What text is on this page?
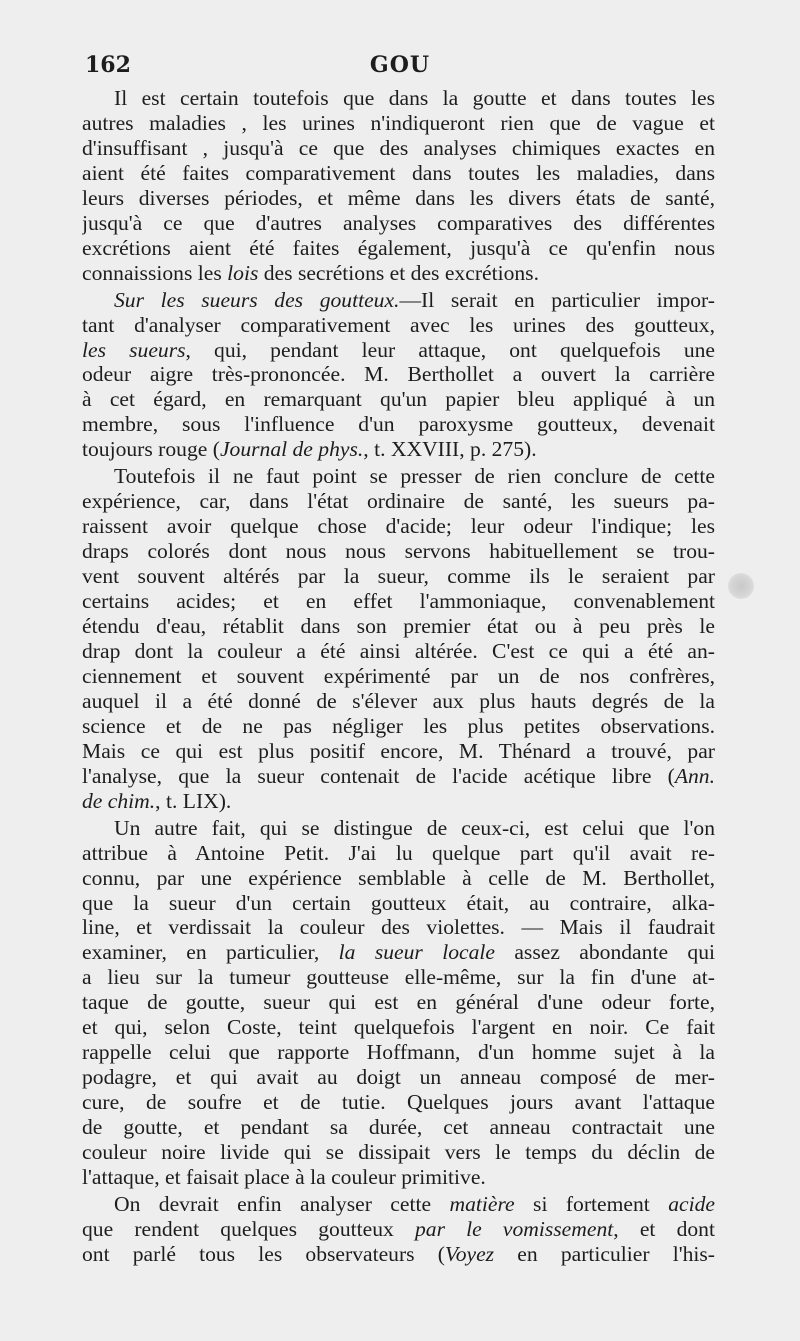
162	GOU
Il est certain toutefois que dans la goutte et dans toutes les
autres maladies , les urines n'indiqueront rien que de vague et
d'insuffisant , jusqu'à ce que des analyses chimiques exactes en
aient été faites comparativement dans toutes les maladies, dans
leurs diverses périodes, et même dans les divers états de santé,
jusqu'à ce que d'autres analyses comparatives des différentes
excrétions aient été faites également, jusqu'à ce qu'enfin nous
connaissions les lois des secrétions et des excrétions.
Sur les sueurs des goutteux.—Il serait en particulier impor-
tant d'analyser comparativement avec les urines des goutteux,
les sueurs, qui, pendant leur attaque, ont quelquefois une
odeur aigre très-prononcée. M. Berthollet a ouvert la carrière
à cet égard, en remarquant qu'un papier bleu appliqué à un
membre, sous l'influence d'un paroxysme goutteux, devenait
toujours rouge (Journal de phys., t. XXVIII, p. 275).
Toutefois il ne faut point se presser de rien conclure de cette
expérience, car, dans l'état ordinaire de santé, les sueurs pa-
raissent avoir quelque chose d'acide; leur odeur l'indique; les
draps colorés dont nous nous servons habituellement se trou-
vent souvent altérés par la sueur, comme ils le seraient par
certains acides; et en effet l'ammoniaque, convenablement
étendu d'eau, rétablit dans son premier état ou à peu près le
drap dont la couleur a été ainsi altérée. C'est ce qui a été an-
ciennement et souvent expérimenté par un de nos confrères,
auquel il a été donné de s'élever aux plus hauts degrés de la
science et de ne pas négliger les plus petites observations.
Mais ce qui est plus positif encore, M. Thénard a trouvé, par
l'analyse, que la sueur contenait de l'acide acétique libre (Ann.
de chim., t. LIX).
Un autre fait, qui se distingue de ceux-ci, est celui que l'on
attribue à Antoine Petit. J'ai lu quelque part qu'il avait re-
connu, par une expérience semblable à celle de M. Berthollet,
que la sueur d'un certain goutteux était, au contraire, alka-
line, et verdissait la couleur des violettes. — Mais il faudrait
examiner, en particulier, la sueur locale assez abondante qui
a lieu sur la tumeur goutteuse elle-même, sur la fin d'une at-
taque de goutte, sueur qui est en général d'une odeur forte,
et qui, selon Coste, teint quelquefois l'argent en noir. Ce fait
rappelle celui que rapporte Hoffmann, d'un homme sujet à la
podagre, et qui avait au doigt un anneau composé de mer-
cure, de soufre et de tutie. Quelques jours avant l'attaque
de goutte, et pendant sa durée, cet anneau contractait une
couleur noire livide qui se dissipait vers le temps du déclin de
l'attaque, et faisait place à la couleur primitive.
On devrait enfin analyser cette matière si fortement acide
que rendent quelques goutteux par le vomissement, et dont
ont parlé tous les observateurs (Voyez en particulier l'his-
